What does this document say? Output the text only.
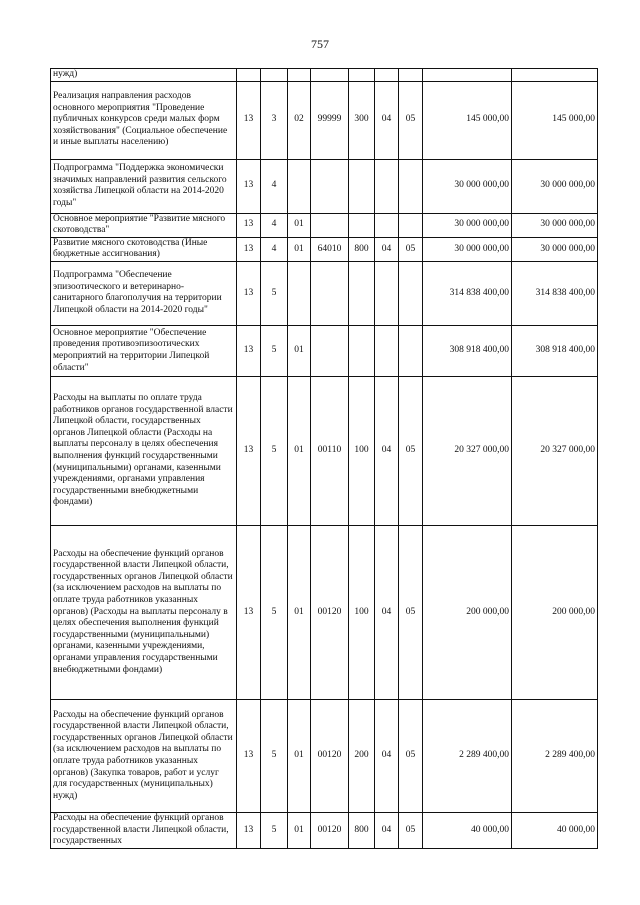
757
нужд)									
Реализация направления расходов основного мероприятия "Проведение публичных конкурсов среди малых форм хозяйствования" (Социальное обеспечение и иные выплаты населению)	13	3	02	99999	300	04	05	145 000,00	145 000,00
Подпрограмма "Поддержка экономически значимых направлений развития сельского хозяйства Липецкой области на 2014-2020 годы"	13	4						30 000 000,00	30 000 000,00
Основное мероприятие "Развитие мясного скотоводства"	13	4	01					30 000 000,00	30 000 000,00
Развитие мясного скотоводства (Иные бюджетные ассигнования)	13	4	01	64010	800	04	05	30 000 000,00	30 000 000,00
Подпрограмма "Обеспечение эпизоотического и ветеринарно-санитарного благополучия на территории Липецкой области на 2014-2020 годы"	13	5						314 838 400,00	314 838 400,00
Основное мероприятие "Обеспечение проведения противоэпизоотических мероприятий на территории Липецкой области"	13	5	01					308 918 400,00	308 918 400,00
Расходы на выплаты по оплате труда работников органов государственной власти Липецкой области, государственных органов Липецкой области (Расходы на выплаты персоналу в целях обеспечения выполнения функций государственными (муниципальными) органами, казенными учреждениями, органами управления государственными внебюджетными фондами)	13	5	01	00110	100	04	05	20 327 000,00	20 327 000,00
Расходы на обеспечение функций органов государственной власти Липецкой области, государственных органов Липецкой области (за исключением расходов на выплаты по оплате труда работников указанных органов) (Расходы на выплаты персоналу в целях обеспечения выполнения функций государственными (муниципальными) органами, казенными учреждениями, органами управления государственными внебюджетными фондами)	13	5	01	00120	100	04	05	200 000,00	200 000,00
Расходы на обеспечение функций органов государственной власти Липецкой области, государственных органов Липецкой области (за исключением расходов на выплаты по оплате труда работников указанных органов) (Закупка товаров, работ и услуг для государственных (муниципальных) нужд)	13	5	01	00120	200	04	05	2 289 400,00	2 289 400,00
Расходы на обеспечение функций органов государственной власти Липецкой области, государственных	13	5	01	00120	800	04	05	40 000,00	40 000,00
